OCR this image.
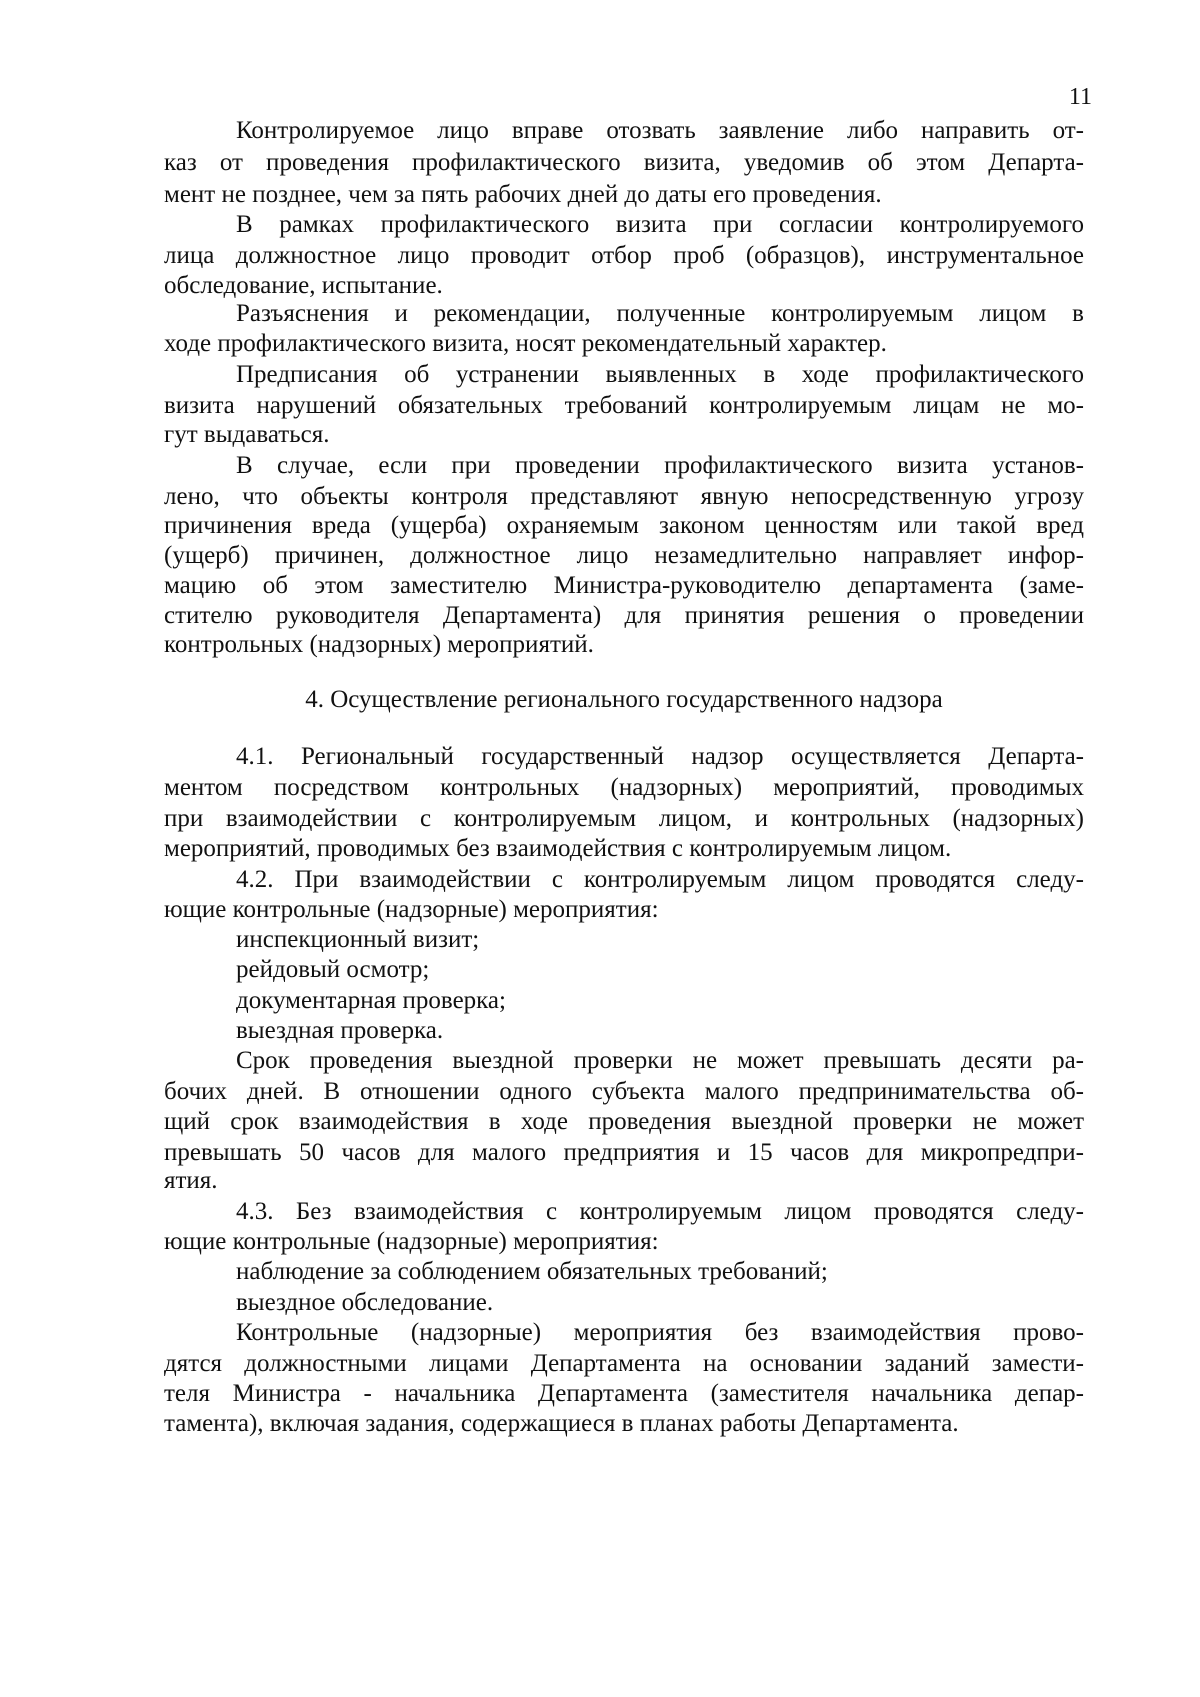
11
Контролируемое лицо вправе отозвать заявление либо направить от-
каз от проведения профилактического визита, уведомив об этом Департа-
мент не позднее, чем за пять рабочих дней до даты его проведения.
В рамках профилактического визита при согласии контролируемого
лица должностное лицо проводит отбор проб (образцов), инструментальное
обследование, испытание.
Разъяснения и рекомендации, полученные контролируемым лицом в
ходе профилактического визита, носят рекомендательный характер.
Предписания об устранении выявленных в ходе профилактического
визита нарушений обязательных требований контролируемым лицам не мо-
гут выдаваться.
В случае, если при проведении профилактического визита установ-
лено, что объекты контроля представляют явную непосредственную угрозу
причинения вреда (ущерба) охраняемым законом ценностям или такой вред
(ущерб) причинен, должностное лицо незамедлительно направляет инфор-
мацию об этом заместителю Министра-руководителю департамента (заме-
стителю руководителя Департамента) для принятия решения о проведении
контрольных (надзорных) мероприятий.
4. Осуществление регионального государственного надзора
4.1. Региональный государственный надзор осуществляется Департа-
ментом посредством контрольных (надзорных) мероприятий, проводимых
при взаимодействии с контролируемым лицом, и контрольных (надзорных)
мероприятий, проводимых без взаимодействия с контролируемым лицом.
4.2. При взаимодействии с контролируемым лицом проводятся следу-
ющие контрольные (надзорные) мероприятия:
инспекционный визит;
рейдовый осмотр;
документарная проверка;
выездная проверка.
Срок проведения выездной проверки не может превышать десяти ра-
бочих дней. В отношении одного субъекта малого предпринимательства об-
щий срок взаимодействия в ходе проведения выездной проверки не может
превышать 50 часов для малого предприятия и 15 часов для микропредпри-
ятия.
4.3. Без взаимодействия с контролируемым лицом проводятся следу-
ющие контрольные (надзорные) мероприятия:
наблюдение за соблюдением обязательных требований;
выездное обследование.
Контрольные (надзорные) мероприятия без взаимодействия прово-
дятся должностными лицами Департамента на основании заданий замести-
теля Министра - начальника Департамента (заместителя начальника депар-
тамента), включая задания, содержащиеся в планах работы Департамента.
